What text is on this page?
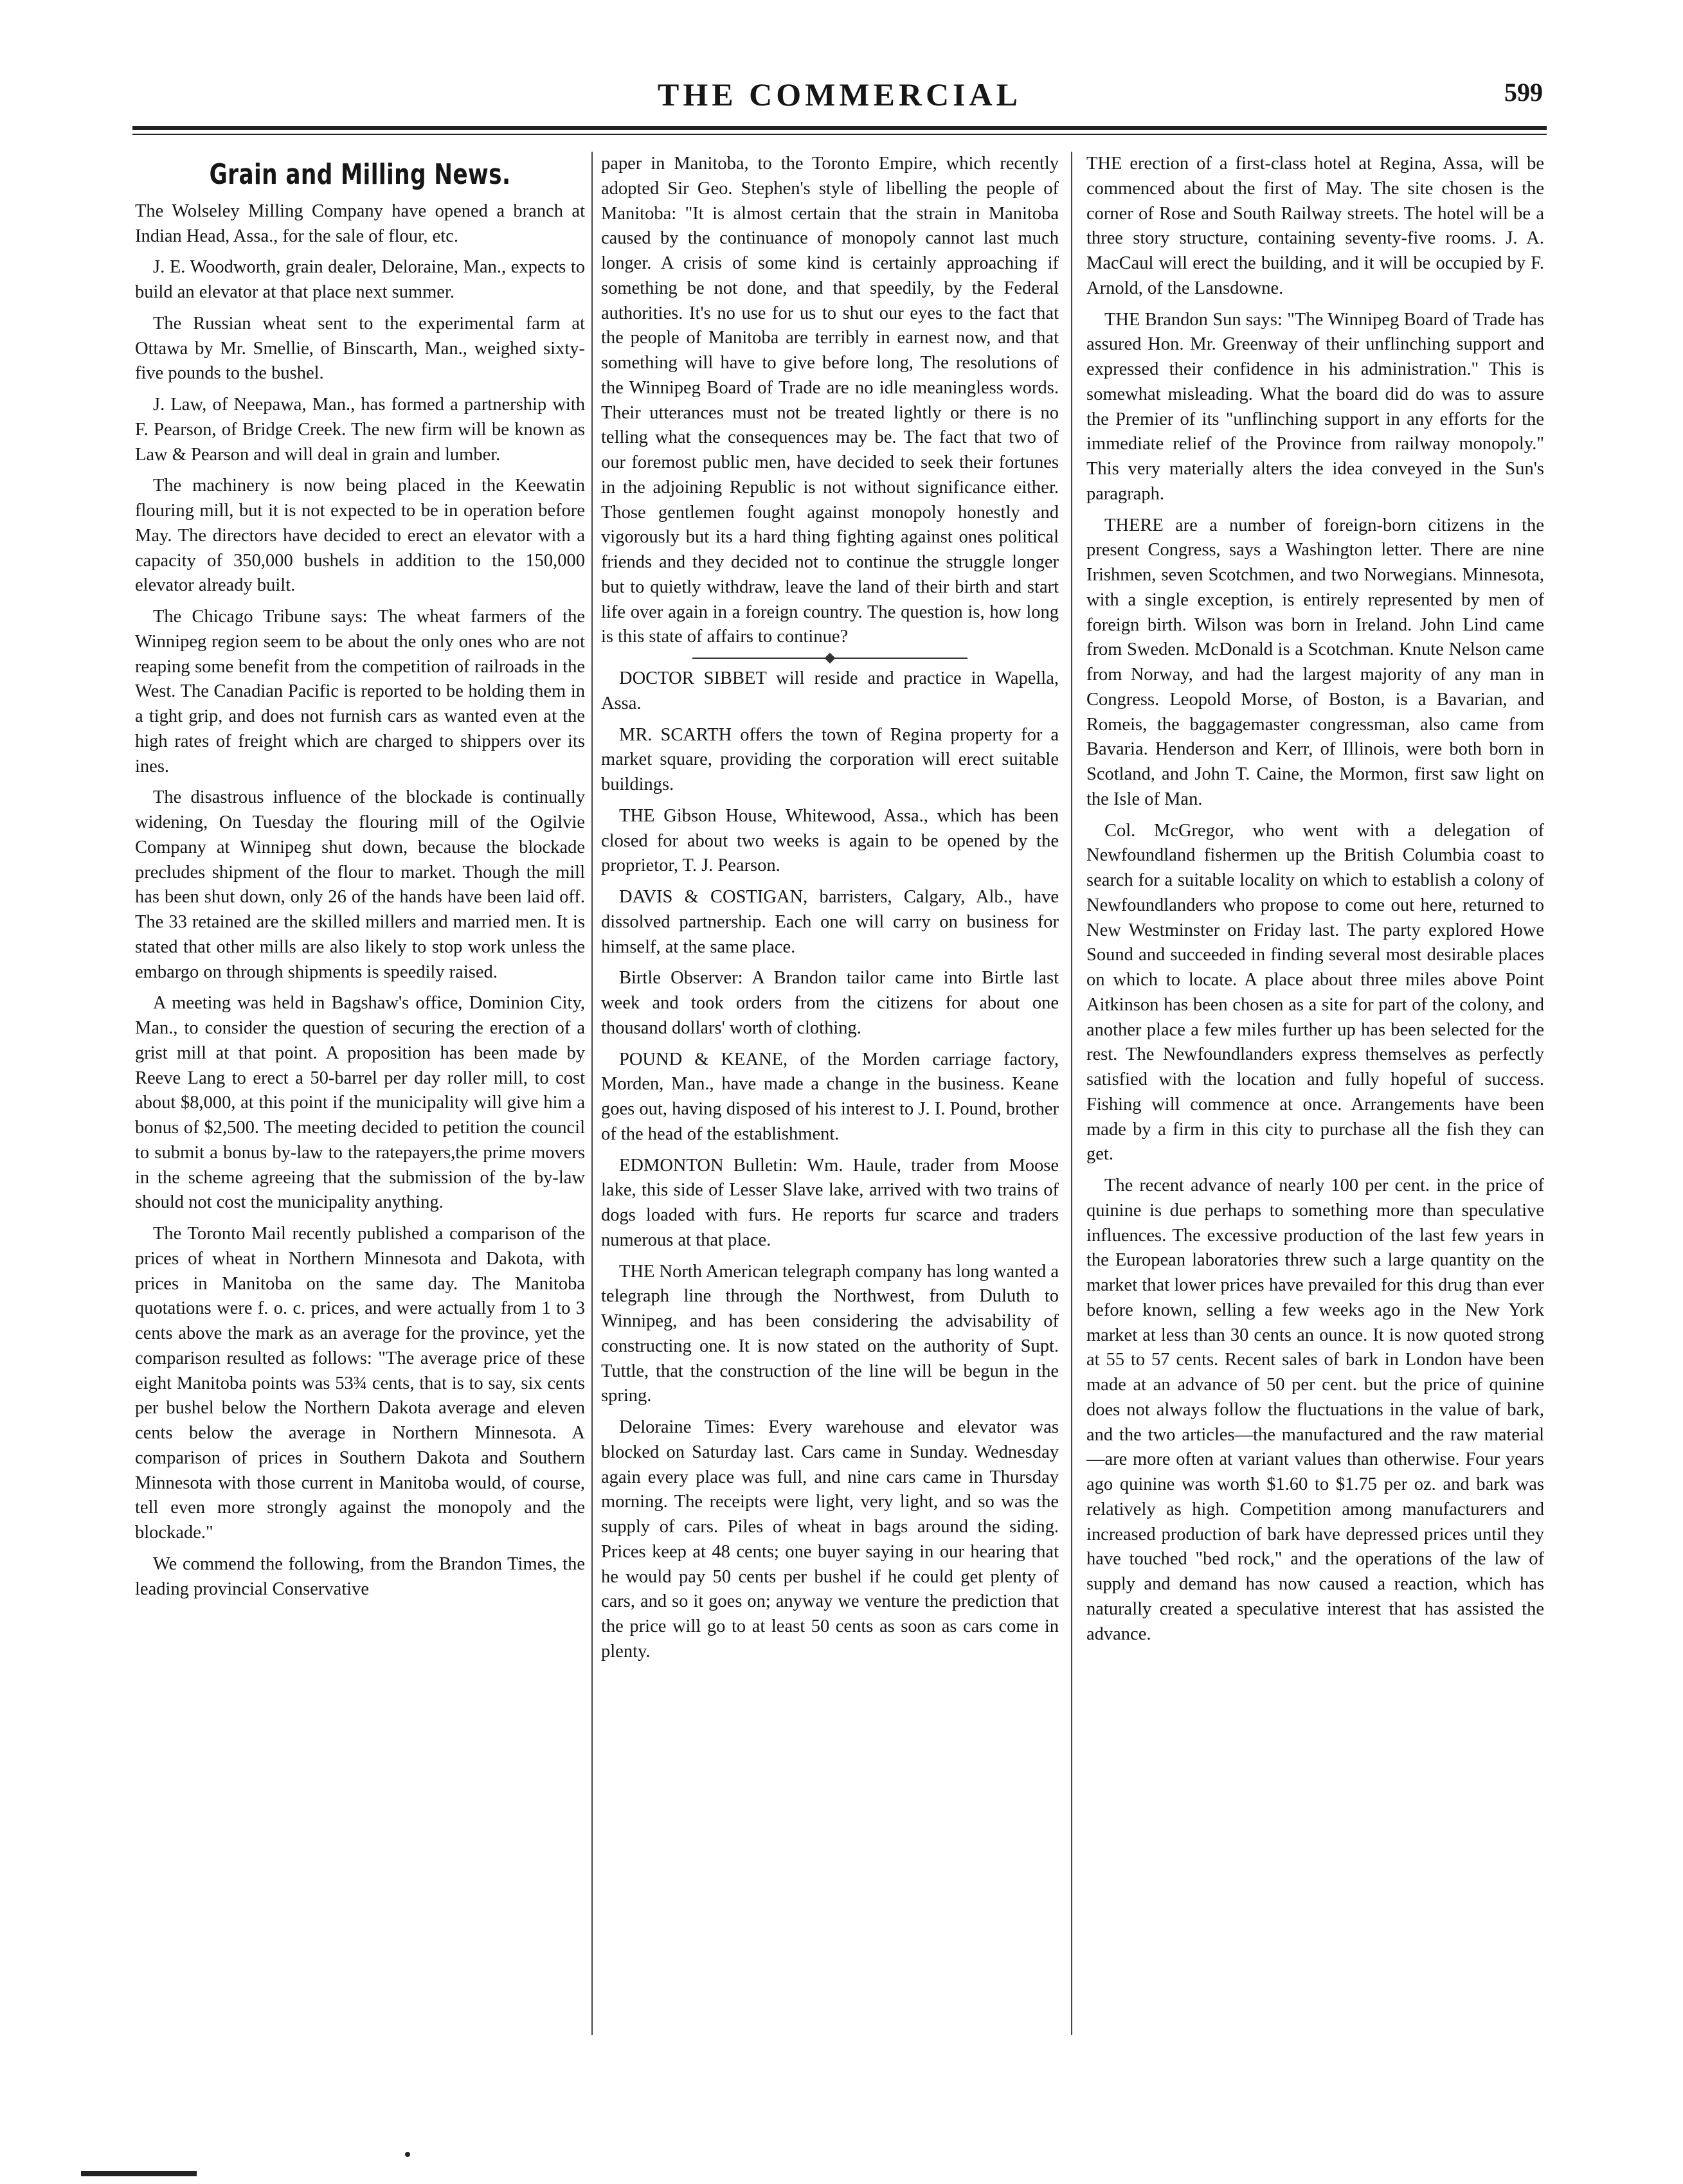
THE COMMERCIAL	599
Grain and Milling News.

The Wolseley Milling Company have opened a branch at Indian Head, Assa., for the sale of flour, etc.

J. E. Woodworth, grain dealer, Deloraine, Man., expects to build an elevator at that place next summer.

The Russian wheat sent to the experimental farm at Ottawa by Mr. Smellie, of Binscarth, Man., weighed sixty-five pounds to the bushel.

J. Law, of Neepawa, Man., has formed a partnership with F. Pearson, of Bridge Creek. The new firm will be known as Law & Pearson and will deal in grain and lumber.

The machinery is now being placed in the Keewatin flouring mill, but it is not expected to be in operation before May. The directors have decided to erect an elevator with a capacity of 350,000 bushels in addition to the 150,000 elevator already built.

The Chicago Tribune says: The wheat farmers of the Winnipeg region seem to be about the only ones who are not reaping some benefit from the competition of railroads in the West. The Canadian Pacific is reported to be holding them in a tight grip, and does not furnish cars as wanted even at the high rates of freight which are charged to shippers over its ines.

The disastrous influence of the blockade is continually widening, On Tuesday the flouring mill of the Ogilvie Company at Winnipeg shut down, because the blockade precludes shipment of the flour to market. Though the mill has been shut down, only 26 of the hands have been laid off. The 33 retained are the skilled millers and married men. It is stated that other mills are also likely to stop work unless the embargo on through shipments is speedily raised.

A meeting was held in Bagshaw's office, Dominion City, Man., to consider the question of securing the erection of a grist mill at that point. A proposition has been made by Reeve Lang to erect a 50-barrel per day roller mill, to cost about $8,000, at this point if the municipality will give him a bonus of $2,500. The meeting decided to petition the council to submit a bonus by-law to the ratepayers,the prime movers in the scheme agreeing that the submission of the by-law should not cost the municipality anything.

The Toronto Mail recently published a comparison of the prices of wheat in Northern Minnesota and Dakota, with prices in Manitoba on the same day. The Manitoba quotations were f. o. c. prices, and were actually from 1 to 3 cents above the mark as an average for the province, yet the comparison resulted as follows: "The average price of these eight Manitoba points was 53¾ cents, that is to say, six cents per bushel below the Northern Dakota average and eleven cents below the average in Northern Minnesota. A comparison of prices in Southern Dakota and Southern Minnesota with those current in Manitoba would, of course, tell even more strongly against the monopoly and the blockade."

We commend the following, from the Brandon Times, the leading provincial Conservative

paper in Manitoba, to the Toronto Empire, which recently adopted Sir Geo. Stephen's style of libelling the people of Manitoba: "It is almost certain that the strain in Manitoba caused by the continuance of monopoly cannot last much longer. A crisis of some kind is certainly approaching if something be not done, and that speedily, by the Federal authorities. It's no use for us to shut our eyes to the fact that the people of Manitoba are terribly in earnest now, and that something will have to give before long, The resolutions of the Winnipeg Board of Trade are no idle meaningless words. Their utterances must not be treated lightly or there is no telling what the consequences may be. The fact that two of our foremost public men, have decided to seek their fortunes in the adjoining Republic is not without significance either. Those gentlemen fought against monopoly honestly and vigorously but its a hard thing fighting against ones political friends and they decided not to continue the struggle longer but to quietly withdraw, leave the land of their birth and start life over again in a foreign country. The question is, how long is this state of affairs to continue?

DOCTOR SIBBET will reside and practice in Wapella, Assa.

MR. SCARTH offers the town of Regina property for a market square, providing the corporation will erect suitable buildings.

THE Gibson House, Whitewood, Assa., which has been closed for about two weeks is again to be opened by the proprietor, T. J. Pearson.

DAVIS & COSTIGAN, barristers, Calgary, Alb., have dissolved partnership. Each one will carry on business for himself, at the same place.

Birtle Observer: A Brandon tailor came into Birtle last week and took orders from the citizens for about one thousand dollars' worth of clothing.

POUND & KEANE, of the Morden carriage factory, Morden, Man., have made a change in the business. Keane goes out, having disposed of his interest to J. I. Pound, brother of the head of the establishment.

EDMONTON Bulletin: Wm. Haule, trader from Moose lake, this side of Lesser Slave lake, arrived with two trains of dogs loaded with furs. He reports fur scarce and traders numerous at that place.

THE North American telegraph company has long wanted a telegraph line through the Northwest, from Duluth to Winnipeg, and has been considering the advisability of constructing one. It is now stated on the authority of Supt. Tuttle, that the construction of the line will be begun in the spring.

Deloraine Times: Every warehouse and elevator was blocked on Saturday last. Cars came in Sunday. Wednesday again every place was full, and nine cars came in Thursday morning. The receipts were light, very light, and so was the supply of cars. Piles of wheat in bags around the siding. Prices keep at 48 cents; one buyer saying in our hearing that he would pay 50 cents per bushel if he could get plenty of cars, and so it goes on; anyway we venture the prediction that the price will go to at least 50 cents as soon as cars come in plenty.

THE erection of a first-class hotel at Regina, Assa, will be commenced about the first of May. The site chosen is the corner of Rose and South Railway streets. The hotel will be a three story structure, containing seventy-five rooms. J. A. MacCaul will erect the building, and it will be occupied by F. Arnold, of the Lansdowne.

THE Brandon Sun says: "The Winnipeg Board of Trade has assured Hon. Mr. Greenway of their unflinching support and expressed their confidence in his administration." This is somewhat misleading. What the board did do was to assure the Premier of its "unflinching support in any efforts for the immediate relief of the Province from railway monopoly." This very materially alters the idea conveyed in the Sun's paragraph.

THERE are a number of foreign-born citizens in the present Congress, says a Washington letter. There are nine Irishmen, seven Scotchmen, and two Norwegians. Minnesota, with a single exception, is entirely represented by men of foreign birth. Wilson was born in Ireland. John Lind came from Sweden. McDonald is a Scotchman. Knute Nelson came from Norway, and had the largest majority of any man in Congress. Leopold Morse, of Boston, is a Bavarian, and Romeis, the baggagemaster congressman, also came from Bavaria. Henderson and Kerr, of Illinois, were both born in Scotland, and John T. Caine, the Mormon, first saw light on the Isle of Man.

Col. McGregor, who went with a delegation of Newfoundland fishermen up the British Columbia coast to search for a suitable locality on which to establish a colony of Newfoundlanders who propose to come out here, returned to New Westminster on Friday last. The party explored Howe Sound and succeeded in finding several most desirable places on which to locate. A place about three miles above Point Aitkinson has been chosen as a site for part of the colony, and another place a few miles further up has been selected for the rest. The Newfoundlanders express themselves as perfectly satisfied with the location and fully hopeful of success. Fishing will commence at once. Arrangements have been made by a firm in this city to purchase all the fish they can get.

The recent advance of nearly 100 per cent. in the price of quinine is due perhaps to something more than speculative influences. The excessive production of the last few years in the European laboratories threw such a large quantity on the market that lower prices have prevailed for this drug than ever before known, selling a few weeks ago in the New York market at less than 30 cents an ounce. It is now quoted strong at 55 to 57 cents. Recent sales of bark in London have been made at an advance of 50 per cent. but the price of quinine does not always follow the fluctuations in the value of bark, and the two articles—the manufactured and the raw material—are more often at variant values than otherwise. Four years ago quinine was worth $1.60 to $1.75 per oz. and bark was relatively as high. Competition among manufacturers and increased production of bark have depressed prices until they have touched "bed rock," and the operations of the law of supply and demand has now caused a reaction, which has naturally created a speculative interest that has assisted the advance.
